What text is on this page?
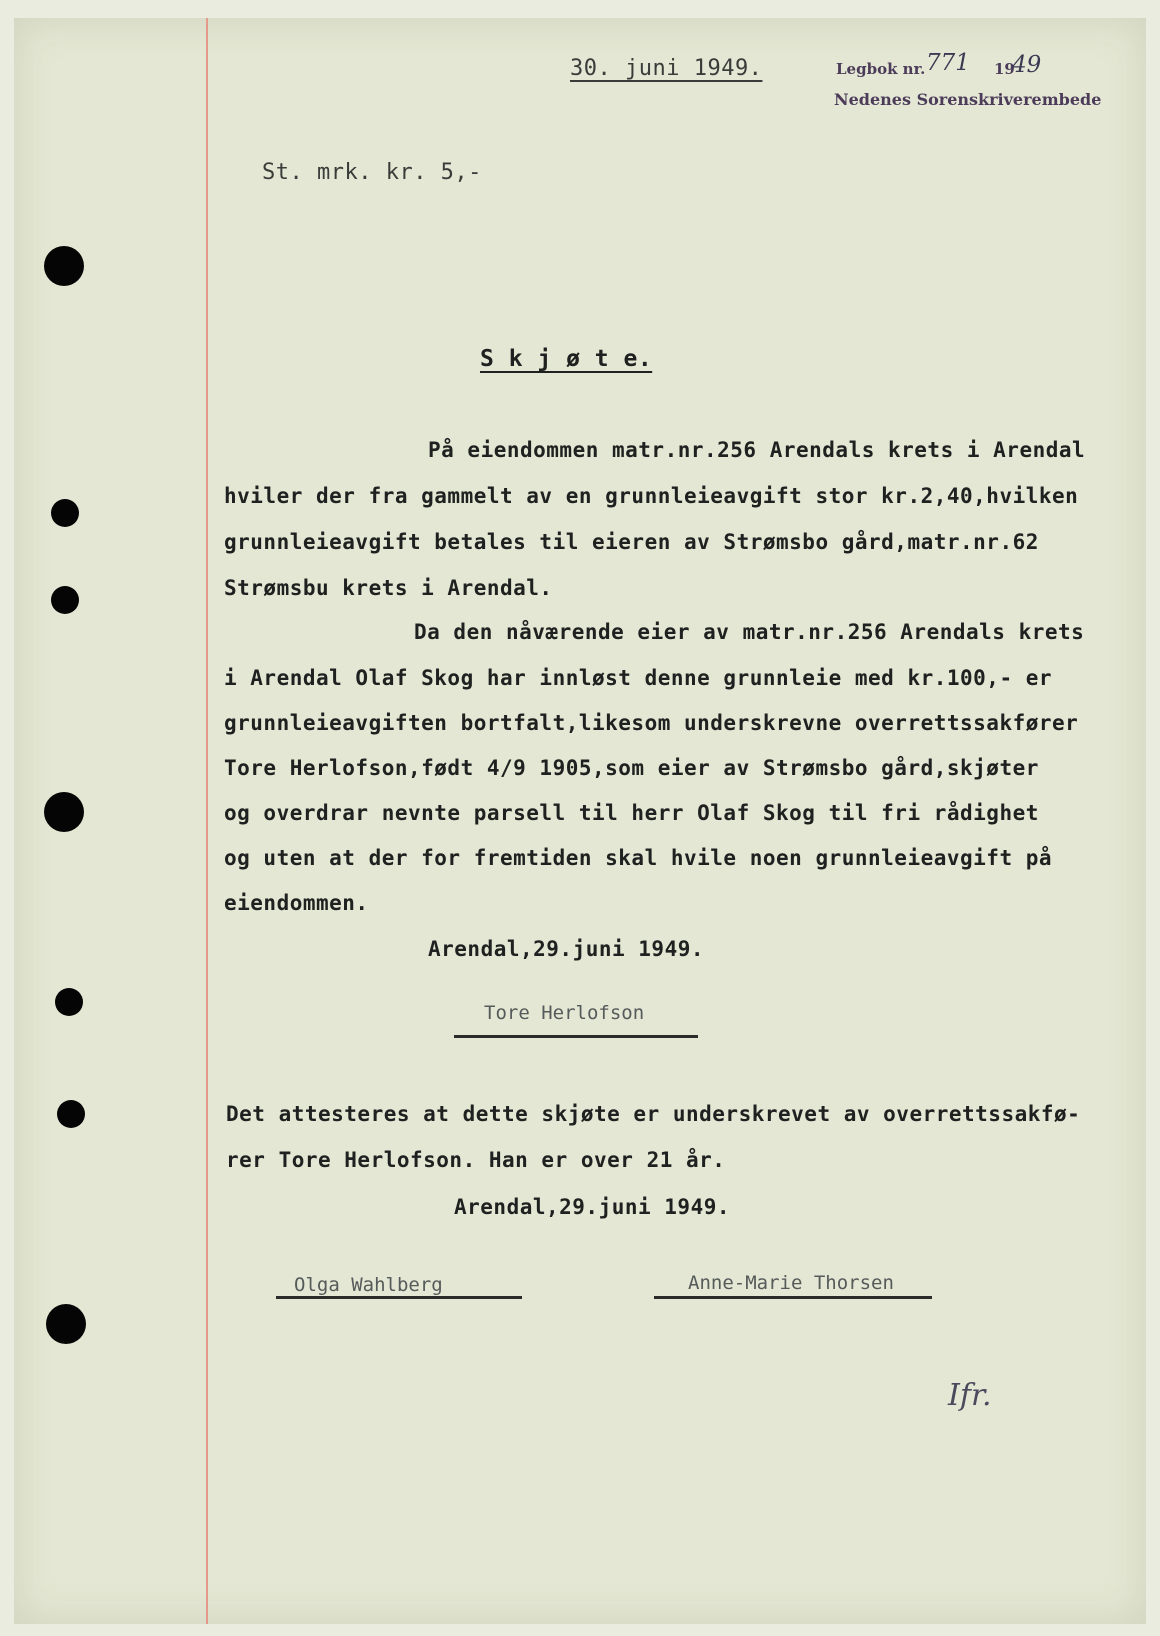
30. juni 1949.	Legbok nr. 771 19
49
Nedenes Sorenskriverembede
St. mrk. kr. 5,-
S k j ø t e.
På eiendommen matr.nr.256 Arendals krets i Arendal
hviler der fra gammelt av en grunnleieavgift stor kr.2,40,hvilken
grunnleieavgift betales til eieren av Strømsbo gård,matr.nr.62
Strømsbu krets i Arendal.
Da den nåværende eier av matr.nr.256 Arendals krets
i Arendal Olaf Skog har innløst denne grunnleie med kr.100,- er
grunnleieavgiften bortfalt,likesom underskrevne overrettssakfører
Tore Herlofson,født 4/9 1905,som eier av Strømsbo gård,skjøter
og overdrar nevnte parsell til herr Olaf Skog til fri rådighet
og uten at der for fremtiden skal hvile noen grunnleieavgift på
eiendommen.
Arendal,29.juni 1949.
Tore Herlofson
Det attesteres at dette skjøte er underskrevet av overrettssakfø-
rer Tore Herlofson. Han er over 21 år.
Arendal,29.juni 1949.
Olga Wahlberg	Anne-Marie Thorsen
Ifr.
